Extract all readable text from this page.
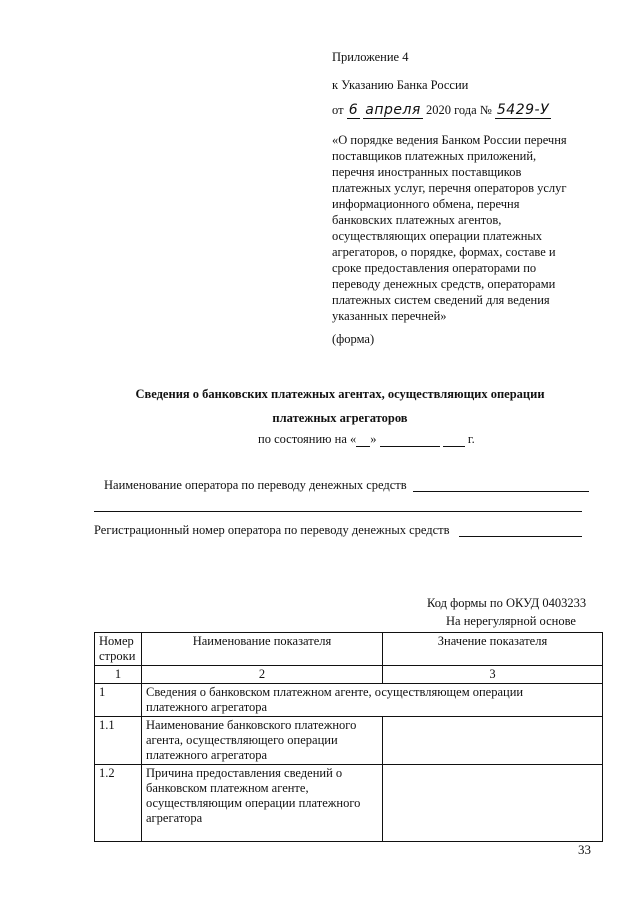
Приложение 4
к Указанию Банка России
от 6 апреля 2020 года № 5429-У
«О порядке ведения Банком России перечня
поставщиков платежных приложений,
перечня иностранных поставщиков
платежных услуг, перечня операторов услуг
информационного обмена, перечня
банковских платежных агентов,
осуществляющих операции платежных
агрегаторов, о порядке, формах, составе и
сроке предоставления операторами по
переводу денежных средств, операторами
платежных систем сведений для ведения
указанных перечней»
(форма)
Сведения о банковских платежных агентах, осуществляющих операции
платежных агрегаторов
по состоянию на « »	г.
Наименование оператора по переводу денежных средств
Регистрационный номер оператора по переводу денежных средств
Код формы по ОКУД 0403233
На нерегулярной основе
Номер строки	Наименование показателя	Значение показателя
1	2	3
1	Сведения о банковском платежном агенте, осуществляющем операции платежного агрегатора	
1.1	Наименование банковского платежного агента, осуществляющего операции платежного агрегатора	
1.2	Причина предоставления сведений о банковском платежном агенте, осуществляющим операции платежного агрегатора	
33
